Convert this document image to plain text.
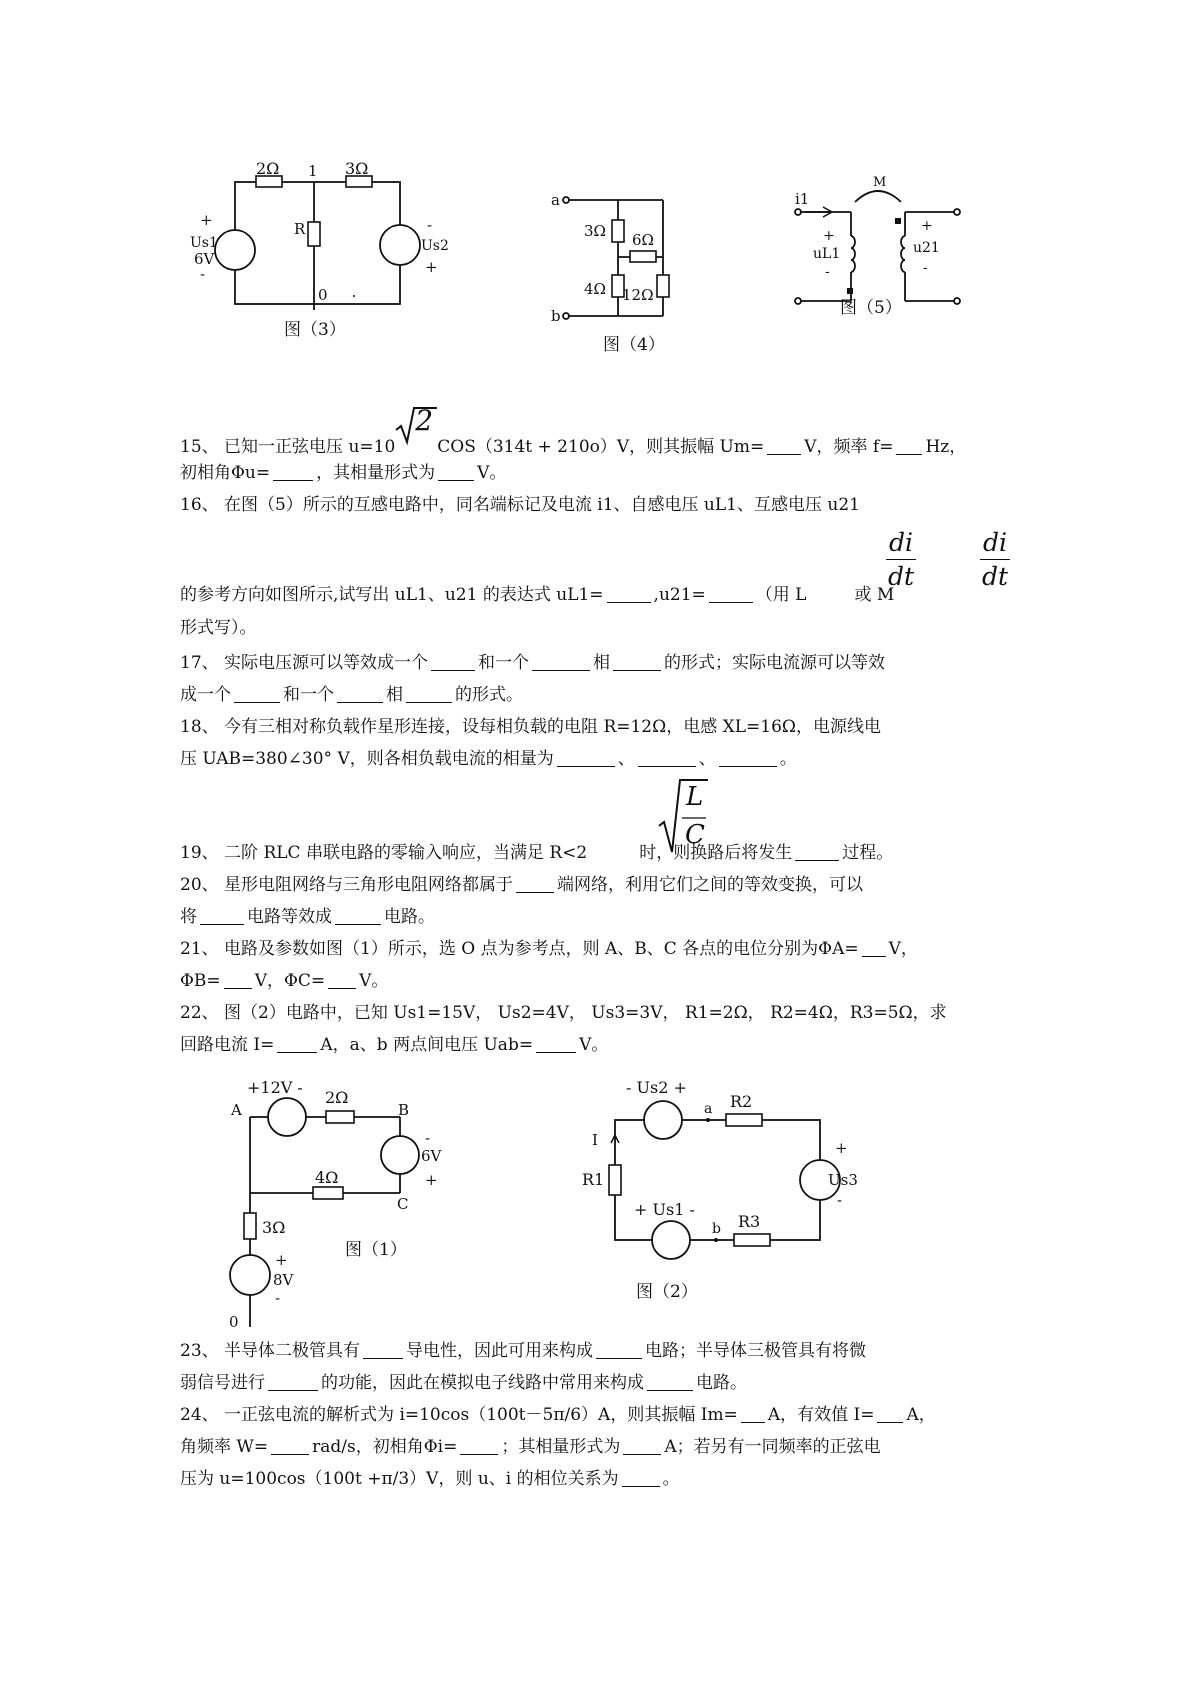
2Ω 1 3Ω
+
Us1
6V
-
R
Us2
+
-
0
图（3）
a
b
3Ω 6Ω
4Ω 12Ω
图（4）
i1
M
+
uL1
-
+
u21
-
图（5）
15、 已知一正弦电压 u=10
2
COS（314t + 210o）V，则其振幅 Um= V，频率 f= Hz，
初相角Φu=	，其相量形式为 V。
16、 在图（5）所示的互感电路中，同名端标记及电流 i1、自感电压 uL1、互感电压 u21
di
dt
di
dt
的参考方向如图所示,试写出 uL1、u21 的表达式 uL1=	,u21=	（用 L	或 M
形式写）。
17、 实际电压源可以等效成一个	和一个	相	的形式；实际电流源可以等效
成一个	和一个	相	的形式。
18、 今有三相对称负载作星形连接，设每相负载的电阻 R=12Ω，电感 XL=16Ω，电源线电
压 UAB=380∠30° V，则各相负载电流的相量为	、	、	。
L
C
19、 二阶 RLC 串联电路的零输入响应，当满足 R<2	时，则换路后将发生	过程。
20、 星形电阻网络与三角形电阻网络都属于	端网络，利用它们之间的等效变换，可以
将	电路等效成	电路。
21、 电路及参数如图（1）所示，选 O 点为参考点，则 A、B、C 各点的电位分别为ΦA= V，
ΦB= V，ΦC= V。
22、 图（2）电路中，已知 Us1=15V， Us2=4V， Us3=3V， R1=2Ω， R2=4Ω，R3=5Ω，求
回路电流 I=	A，a、b 两点间电压 Uab=	V。
+12V -
2Ω
A	B
-
6V
+
4Ω
C
3Ω
+
8V
-
0
图（1）
- Us2 +
a R2
I
R1
+
Us3
-
+ Us1 -
b R3
图（2）
23、 半导体二极管具有	导电性，因此可用来构成	电路；半导体三极管具有将微
弱信号进行	的功能，因此在模拟电子线路中常用来构成	电路。
24、 一正弦电流的解析式为 i=10cos（100t－5π/6）A，则其振幅 Im= A，有效值 I= A，
角频率 W=	rad/s，初相角Φi=	；其相量形式为	A；若另有一同频率的正弦电
压为 u=100cos（100t +π/3）V，则 u、i 的相位关系为	。
